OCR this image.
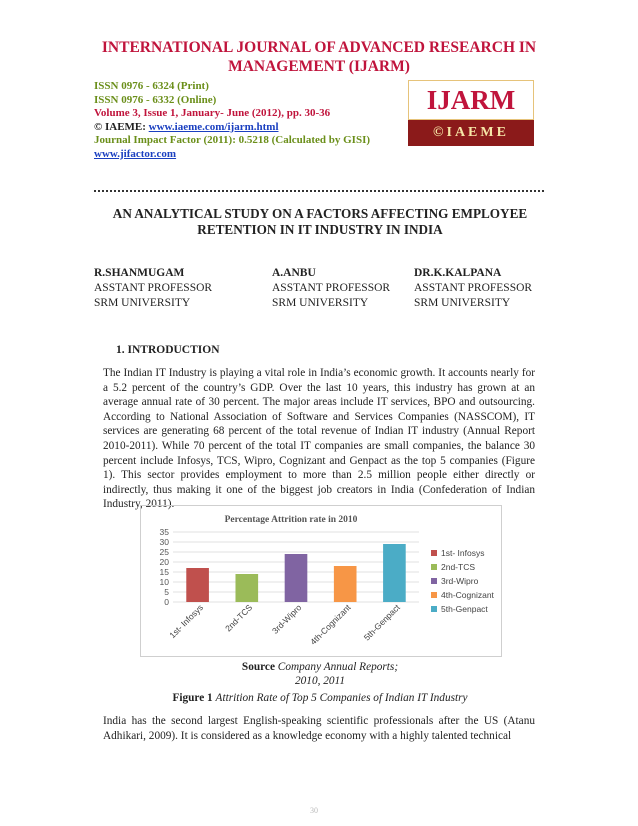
INTERNATIONAL JOURNAL OF ADVANCED RESEARCH IN
MANAGEMENT (IJARM)
ISSN 0976 - 6324 (Print)
ISSN 0976 - 6332 (Online)
Volume 3, Issue 1, January- June (2012), pp. 30-36
© IAEME: www.iaeme.com/ijarm.html
Journal Impact Factor (2011): 0.5218 (Calculated by GISI)
www.jifactor.com
IJARM
©IAEME
AN ANALYTICAL STUDY ON A FACTORS AFFECTING EMPLOYEE
RETENTION IN IT INDUSTRY IN INDIA
R.SHANMUGAM
ASSTANT PROFESSOR
SRM UNIVERSITY
A.ANBU
ASSTANT PROFESSOR
SRM UNIVERSITY
DR.K.KALPANA
ASSTANT PROFESSOR
SRM UNIVERSITY
1. INTRODUCTION
The Indian IT Industry is playing a vital role in India’s economic growth. It accounts nearly for a 5.2 percent of the country’s GDP. Over the last 10 years, this industry has grown at an average annual rate of 30 percent. The major areas include IT services, BPO and outsourcing. According to National Association of Software and Services Companies (NASSCOM), IT services are generating 68 percent of the total revenue of Indian IT industry (Annual Report 2010-2011). While 70 percent of the total IT companies are small companies, the balance 30 percent include Infosys, TCS, Wipro, Cognizant and Genpact as the top 5 companies (Figure 1). This sector provides employment to more than 2.5 million people either directly or indirectly, thus making it one of the biggest job creators in India (Confederation of Indian Industry, 2011).
Percentage Attrition rate in 2010
0
5
10
15
20
25
30
35
1st- Infosys 2nd-TCS 3rd-Wipro 4th-Cognizant 5th-Genpact
1st- Infosys
2nd-TCS
3rd-Wipro
4th-Cognizant
5th-Genpact
Source Company Annual Reports;
2010, 2011
Figure 1 Attrition Rate of Top 5 Companies of Indian IT Industry
India has the second largest English-speaking scientific professionals after the US (Atanu Adhikari, 2009). It is considered as a knowledge economy with a highly talented technical
30
